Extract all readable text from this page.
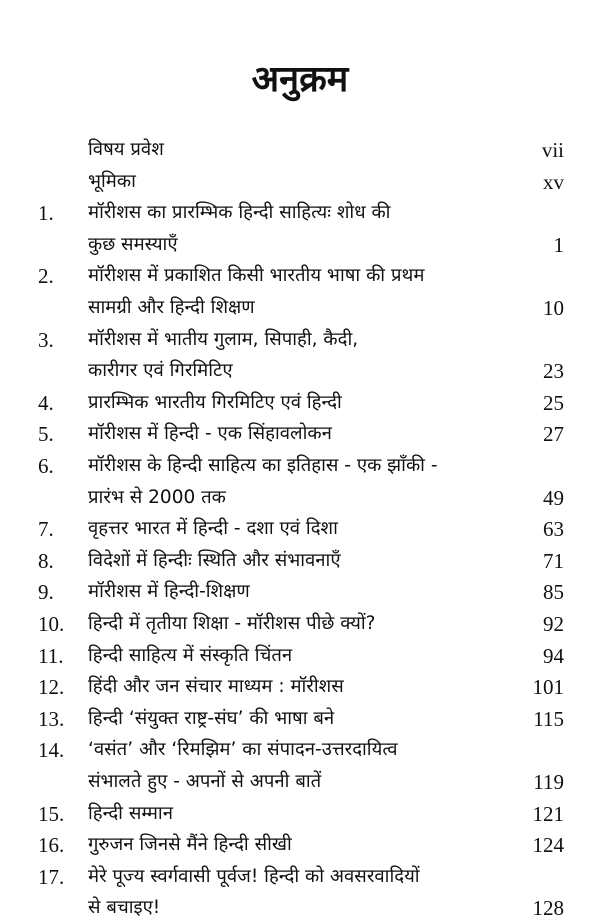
अनुक्रम
विषय प्रवेश	vii
भूमिका	xv
1. मॉरीशस का प्रारम्भिक हिन्दी साहित्यः शोध की
कुछ समस्याएँ	1
2. मॉरीशस में प्रकाशित किसी भारतीय भाषा की प्रथम
सामग्री और हिन्दी शिक्षण	10
3. मॉरीशस में भातीय गुलाम, सिपाही, कैदी,
कारीगर एवं गिरमिटिए	23
4. प्रारम्भिक भारतीय गिरमिटिए एवं हिन्दी	25
5. मॉरीशस में हिन्दी - एक सिंहावलोकन	27
6. मॉरीशस के हिन्दी साहित्य का इतिहास - एक झाँकी -
प्रारंभ से 2000 तक	49
7. वृहत्तर भारत में हिन्दी - दशा एवं दिशा	63
8. विदेशों में हिन्दीः स्थिति और संभावनाएँ	71
9. मॉरीशस में हिन्दी-शिक्षण	85
10. हिन्दी में तृतीया शिक्षा - मॉरीशस पीछे क्यों?	92
11. हिन्दी साहित्य में संस्कृति चिंतन	94
12. हिंदी और जन संचार माध्यम : मॉरीशस	101
13. हिन्दी ‘संयुक्त राष्ट्र-संघ’ की भाषा बने	115
14. ‘वसंत’ और ‘रिमझिम’ का संपादन-उत्तरदायित्व
संभालते हुए - अपनों से अपनी बातें	119
15. हिन्दी सम्मान	121
16. गुरुजन जिनसे मैंने हिन्दी सीखी	124
17. मेरे पूज्य स्वर्गवासी पूर्वज! हिन्दी को अवसरवादियों
से बचाइए!	128
